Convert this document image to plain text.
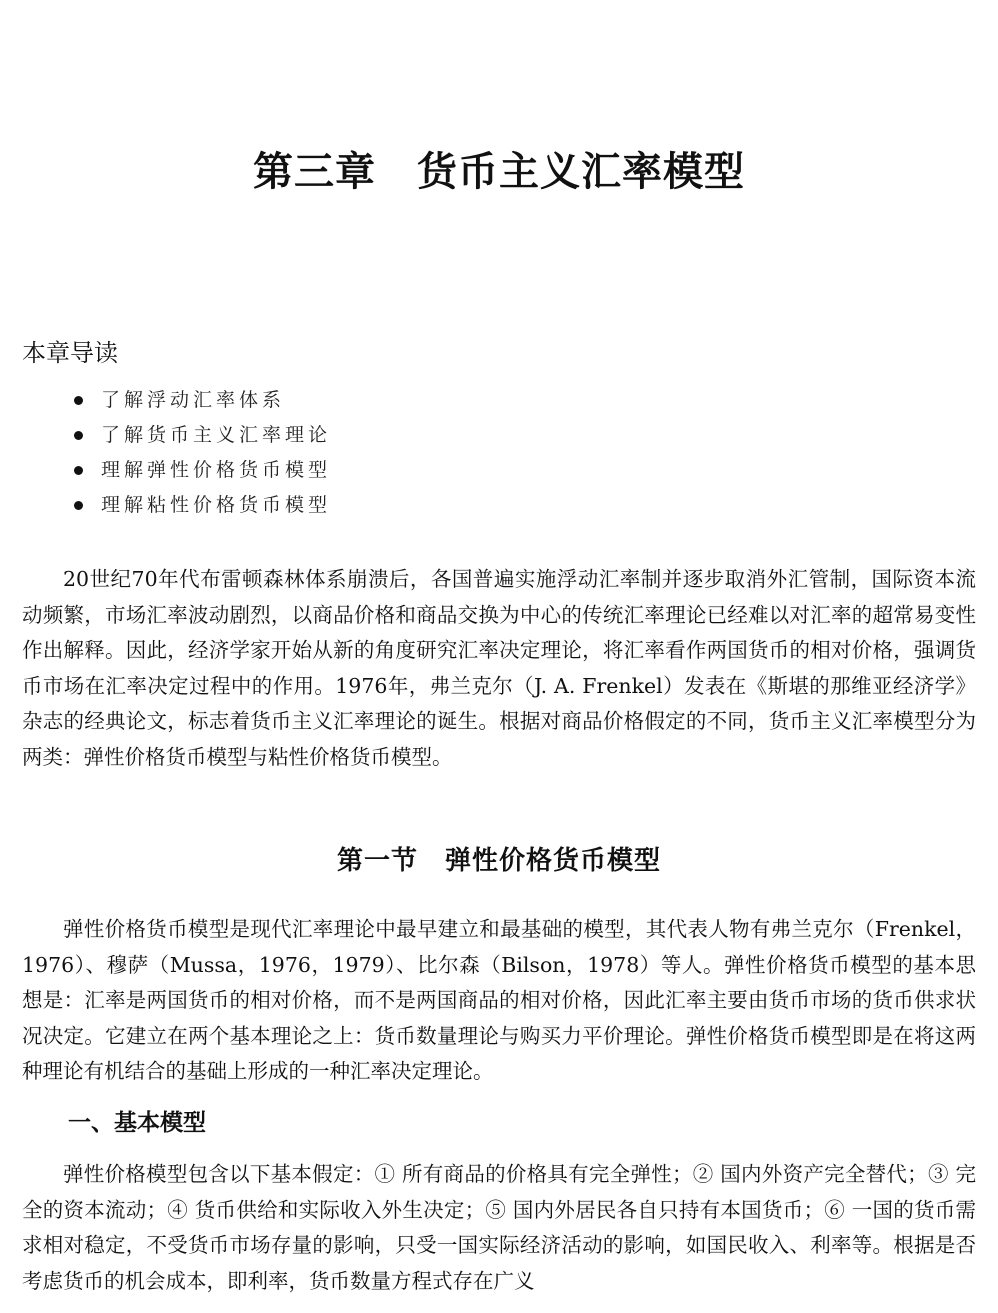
第三章　货币主义汇率模型
本章导读
了解浮动汇率体系
了解货币主义汇率理论
理解弹性价格货币模型
理解粘性价格货币模型

20世纪70年代布雷顿森林体系崩溃后，各国普遍实施浮动汇率制并逐步取消外汇管制，国际资本流动频繁，市场汇率波动剧烈，以商品价格和商品交换为中心的传统汇率理论已经难以对汇率的超常易变性作出解释。因此，经济学家开始从新的角度研究汇率决定理论，将汇率看作两国货币的相对价格，强调货币市场在汇率决定过程中的作用。1976年，弗兰克尔（J. A. Frenkel）发表在《斯堪的那维亚经济学》杂志的经典论文，标志着货币主义汇率理论的诞生。根据对商品价格假定的不同，货币主义汇率模型分为两类：弹性价格货币模型与粘性价格货币模型。

第一节　弹性价格货币模型

弹性价格货币模型是现代汇率理论中最早建立和最基础的模型，其代表人物有弗兰克尔（Frenkel，1976）、穆萨（Mussa，1976，1979）、比尔森（Bilson，1978）等人。弹性价格货币模型的基本思想是：汇率是两国货币的相对价格，而不是两国商品的相对价格，因此汇率主要由货币市场的货币供求状况决定。它建立在两个基本理论之上：货币数量理论与购买力平价理论。弹性价格货币模型即是在将这两种理论有机结合的基础上形成的一种汇率决定理论。

一、基本模型

弹性价格模型包含以下基本假定：① 所有商品的价格具有完全弹性；② 国内外资产完全替代；③ 完全的资本流动；④ 货币供给和实际收入外生决定；⑤ 国内外居民各自只持有本国货币；⑥ 一国的货币需求相对稳定，不受货币市场存量的影响，只受一国实际经济活动的影响，如国民收入、利率等。根据是否考虑货币的机会成本，即利率，货币数量方程式存在广义
